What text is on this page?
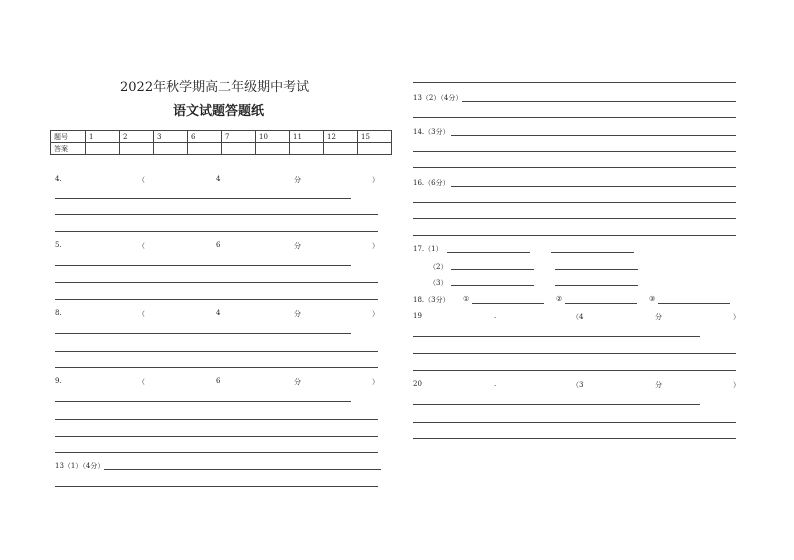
2022年秋学期高二年级期中考试
语文试题答题纸
题号	1	2	3	6	7	10	11	12	15
答案									
4.	（	4	分	）
5.	（	6	分	）
8.	（	4	分	）
9.	（	6	分	）
13（1）（4分）
13（2）（4分）
14.（3分）
16.（6分）
17.（1）
（2）
（3）
18.（3分） ①	②	③
19	.	（4	分	）
20	.	（3	分	）
